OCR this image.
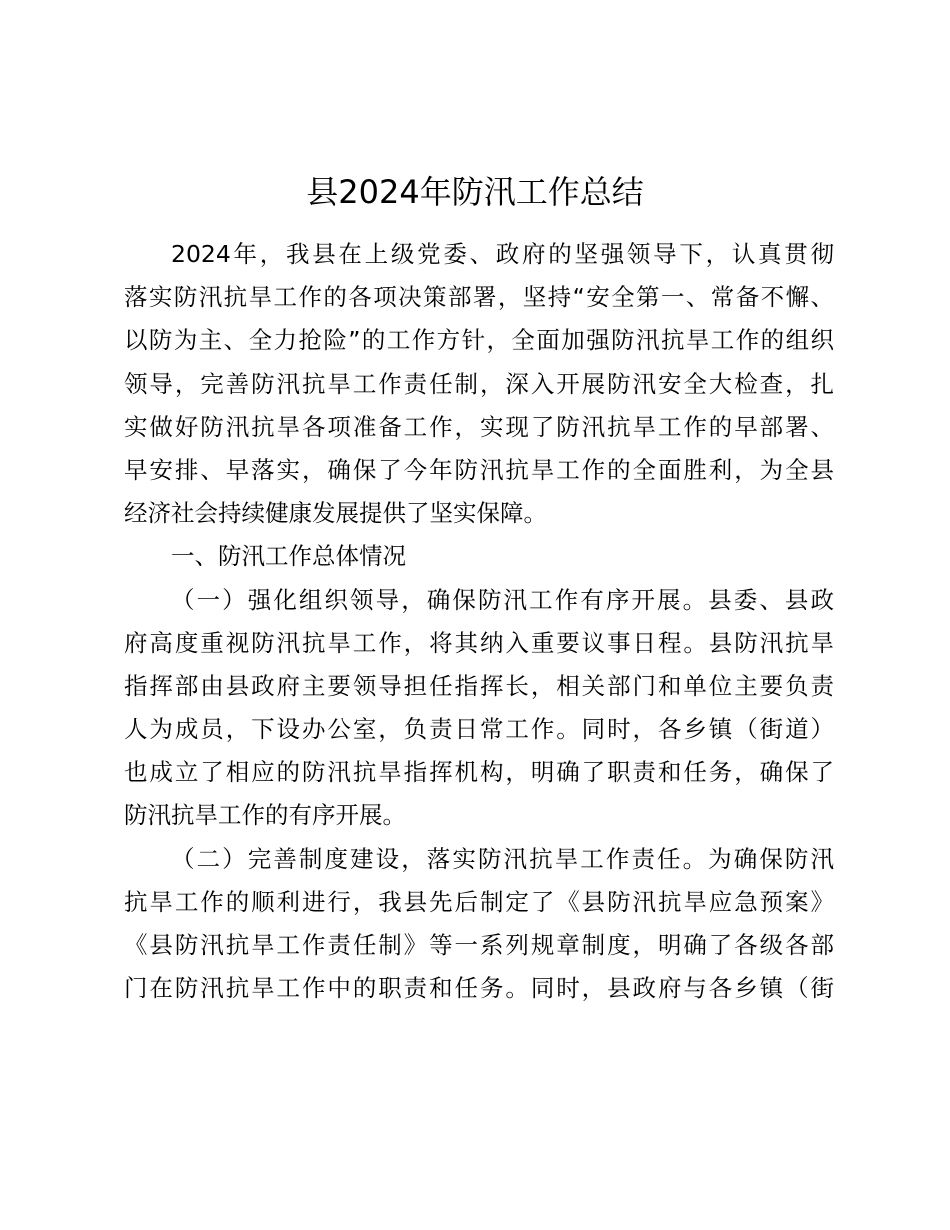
县2024年防汛工作总结
2024年，我县在上级党委、政府的坚强领导下，认真贯彻
落实防汛抗旱工作的各项决策部署，坚持“安全第一、常备不懈、
以防为主、全力抢险”的工作方针，全面加强防汛抗旱工作的组织
领导，完善防汛抗旱工作责任制，深入开展防汛安全大检查，扎
实做好防汛抗旱各项准备工作，实现了防汛抗旱工作的早部署、
早安排、早落实，确保了今年防汛抗旱工作的全面胜利，为全县
经济社会持续健康发展提供了坚实保障。
一、防汛工作总体情况
（一）强化组织领导，确保防汛工作有序开展。县委、县政
府高度重视防汛抗旱工作，将其纳入重要议事日程。县防汛抗旱
指挥部由县政府主要领导担任指挥长，相关部门和单位主要负责
人为成员，下设办公室，负责日常工作。同时，各乡镇（街道）
也成立了相应的防汛抗旱指挥机构，明确了职责和任务，确保了
防汛抗旱工作的有序开展。
（二）完善制度建设，落实防汛抗旱工作责任。为确保防汛
抗旱工作的顺利进行，我县先后制定了《县防汛抗旱应急预案》
《县防汛抗旱工作责任制》等一系列规章制度，明确了各级各部
门在防汛抗旱工作中的职责和任务。同时，县政府与各乡镇（街
